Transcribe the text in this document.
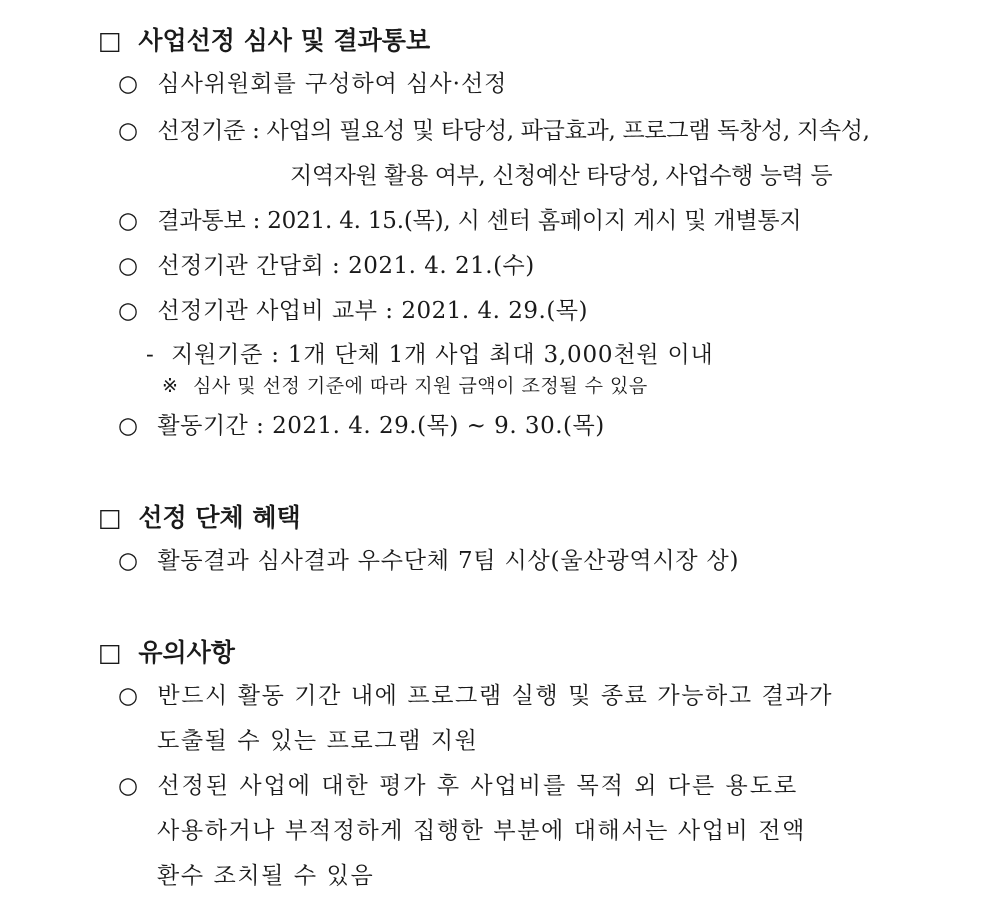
□ 사업선정 심사 및 결과통보
○ 심사위원회를 구성하여 심사·선정
○ 선정기준 : 사업의 필요성 및 타당성, 파급효과, 프로그램 독창성, 지속성,
지역자원 활용 여부, 신청예산 타당성, 사업수행 능력 등
○ 결과통보 : 2021. 4. 15.(목), 시 센터 홈페이지 게시 및 개별통지
○ 선정기관 간담회 : 2021. 4. 21.(수)
○ 선정기관 사업비 교부 : 2021. 4. 29.(목)
- 지원기준 : 1개 단체 1개 사업 최대 3,000천원 이내
※ 심사 및 선정 기준에 따라 지원 금액이 조정될 수 있음
○ 활동기간 : 2021. 4. 29.(목) ~ 9. 30.(목)
□ 선정 단체 혜택
○ 활동결과 심사결과 우수단체 7팀 시상(울산광역시장 상)
□ 유의사항
○ 반드시 활동 기간 내에 프로그램 실행 및 종료 가능하고 결과가
도출될 수 있는 프로그램 지원
○ 선정된 사업에 대한 평가 후 사업비를 목적 외 다른 용도로
사용하거나 부적정하게 집행한 부분에 대해서는 사업비 전액
환수 조치될 수 있음
